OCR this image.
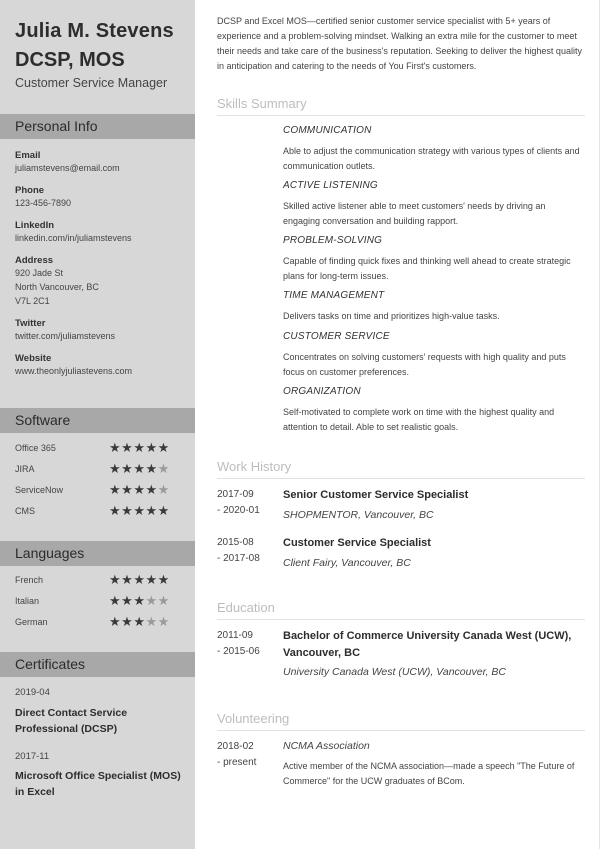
Julia M. Stevens
DCSP, MOS
Customer Service Manager
Personal Info
Email
juliamstevens@email.com
Phone
123-456-7890
LinkedIn
linkedin.com/in/juliamstevens
Address
920 Jade St
North Vancouver, BC
V7L 2C1
Twitter
twitter.com/juliamstevens
Website
www.theonlyjuliastevens.com
Software
Office 365	★★★★★
JIRA	★★★★★
ServiceNow	★★★★★
CMS	★★★★★
Languages
French	★★★★★
Italian	★★★★★
German	★★★★★
Certificates
2019-04
Direct Contact Service Professional (DCSP)
2017-11
Microsoft Office Specialist (MOS) in Excel
DCSP and Excel MOS—certified senior customer service specialist with 5+ years of experience and a problem-solving mindset. Walking an extra mile for the customer to meet their needs and take care of the business's reputation. Seeking to deliver the highest quality in anticipation and catering to the needs of You First's customers.
Skills Summary
COMMUNICATION
Able to adjust the communication strategy with various types of clients and communication outlets.
ACTIVE LISTENING
Skilled active listener able to meet customers' needs by driving an engaging conversation and building rapport.
PROBLEM-SOLVING
Capable of finding quick fixes and thinking well ahead to create strategic plans for long-term issues.
TIME MANAGEMENT
Delivers tasks on time and prioritizes high-value tasks.
CUSTOMER SERVICE
Concentrates on solving customers' requests with high quality and puts focus on customer preferences.
ORGANIZATION
Self-motivated to complete work on time with the highest quality and attention to detail. Able to set realistic goals.
Work History
2017-09
- 2020-01
Senior Customer Service Specialist
SHOPMENTOR, Vancouver, BC
2015-08
- 2017-08
Customer Service Specialist
Client Fairy, Vancouver, BC
Education
2011-09
- 2015-06
Bachelor of Commerce University Canada West (UCW), Vancouver, BC
University Canada West (UCW), Vancouver, BC
Volunteering
2018-02
- present
NCMA Association
Active member of the NCMA association—made a speech "The Future of Commerce" for the UCW graduates of BCom.
